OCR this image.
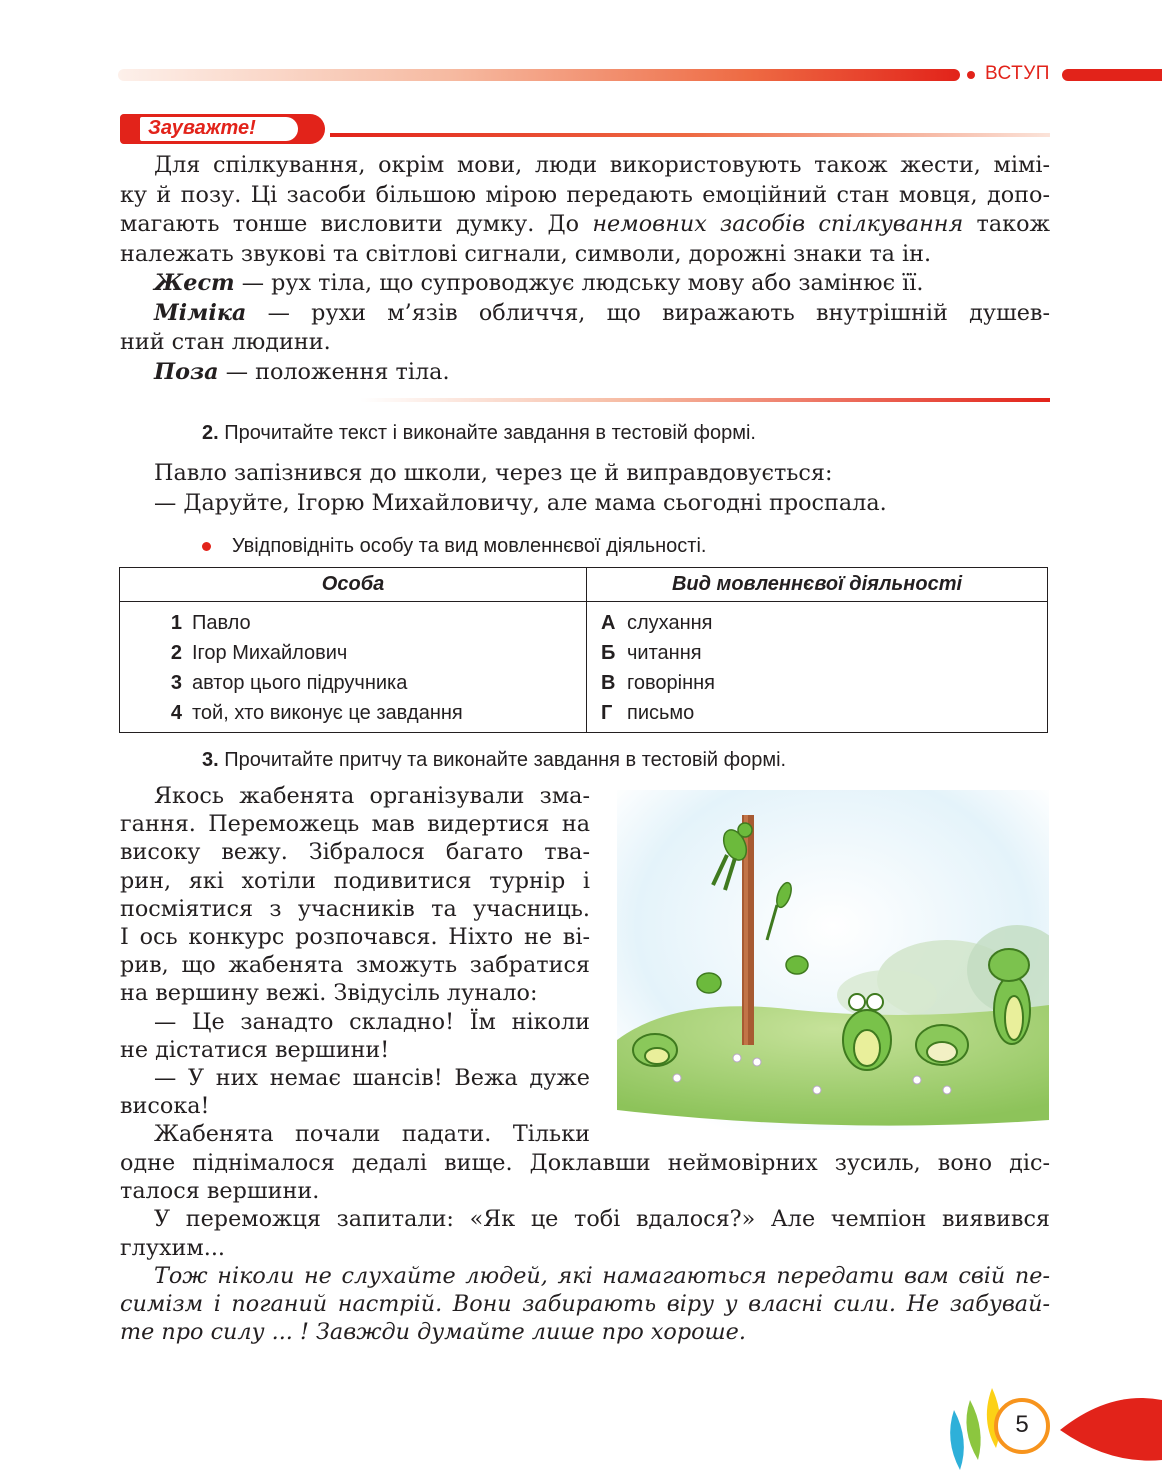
ВСТУП
Зауважте!
Для спілкування, окрім мови, люди використовують також жести, мімі-
ку й позу. Ці засоби більшою мірою передають емоційний стан мовця, допо-
магають тонше висловити думку. До немовних засобів спілкування також
належать звукові та світлові сигнали, символи, дорожні знаки та ін.
Жест — рух тіла, що супроводжує людську мову або замінює її.
Міміка — рухи м’язів обличчя, що виражають внутрішній душев-
ний стан людини.
Поза — положення тіла.
2. Прочитайте текст і виконайте завдання в тестовій формі.
Павло запізнився до школи, через це й виправдовується:
— Даруйте, Ігорю Михайловичу, але мама сьогодні проспала.
Увідповідніть особу та вид мовленнєвої діяльності.
Особа	Вид мовленнєвої діяльності
1 Павло	А слухання
2 Ігор Михайлович	Б читання
3 автор цього підручника	В говоріння
4 той, хто виконує це завдання	Г письмо
3. Прочитайте притчу та виконайте завдання в тестовій формі.
Якось жабенята організували зма-
гання. Переможець мав видертися на
високу вежу. Зібралося багато тва-
рин, які хотіли подивитися турнір і
посміятися з учасників та учасниць.
І ось конкурс розпочався. Ніхто не ві-
рив, що жабенята зможуть забратися
на вершину вежі. Звідусіль лунало:
— Це занадто складно! Їм ніколи
не дістатися вершини!
— У них немає шансів! Вежа дуже
висока!
Жабенята почали падати. Тільки
одне піднімалося дедалі вище. Доклавши неймовірних зусиль, воно діс-
талося вершини.
У переможця запитали: «Як це тобі вдалося?» Але чемпіон виявився
глухим...
Тож ніколи не слухайте людей, які намагаються передати вам свій пе-
симізм і поганий настрій. Вони забирають віру у власні сили. Не забувай-
те про силу ... ! Завжди думайте лише про хороше.
5
